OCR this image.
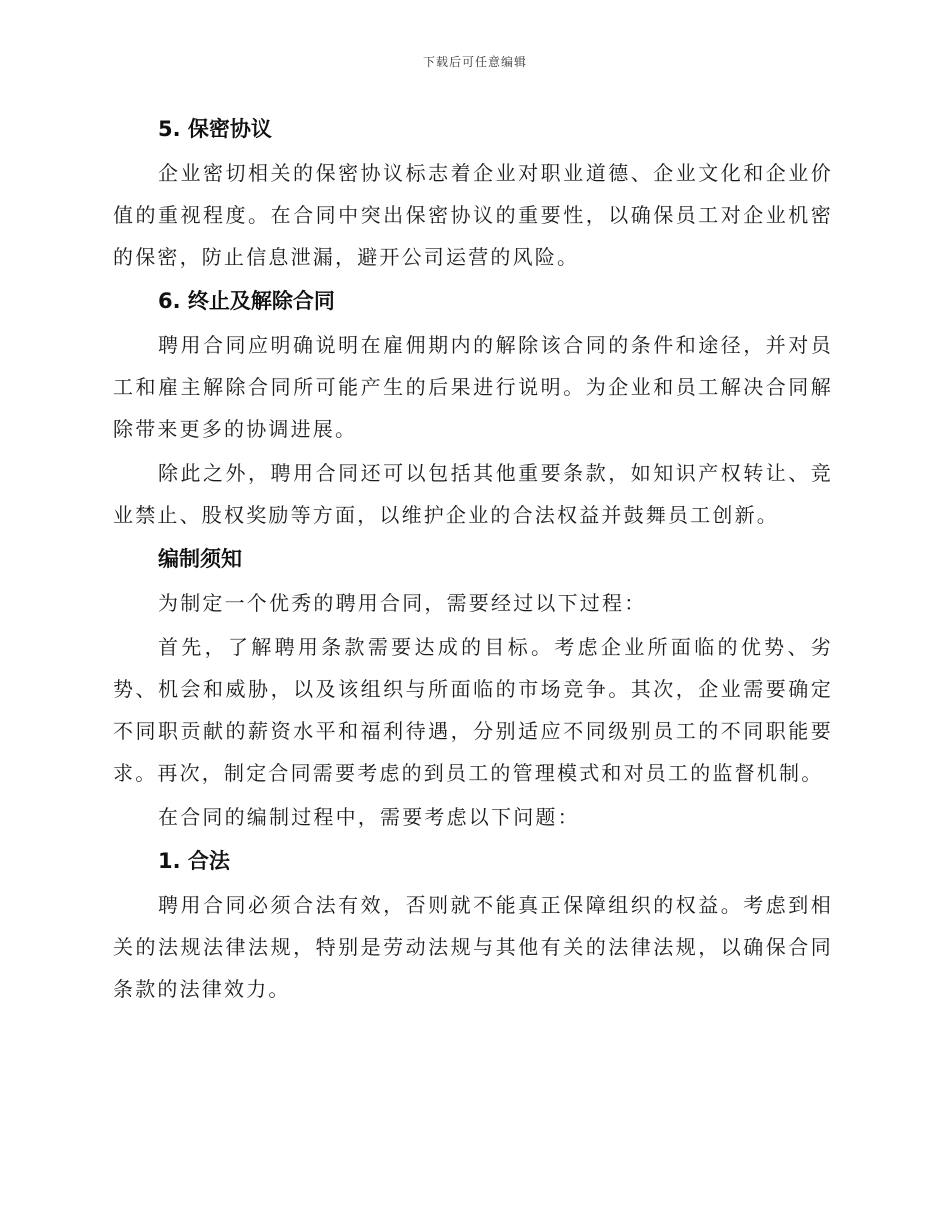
下载后可任意编辑
5. 保密协议

企业密切相关的保密协议标志着企业对职业道德、企业文化和企业价值的重视程度。在合同中突出保密协议的重要性，以确保员工对企业机密的保密，防止信息泄漏，避开公司运营的风险。

6. 终止及解除合同

聘用合同应明确说明在雇佣期内的解除该合同的条件和途径，并对员工和雇主解除合同所可能产生的后果进行说明。为企业和员工解决合同解除带来更多的协调进展。

除此之外，聘用合同还可以包括其他重要条款，如知识产权转让、竞业禁止、股权奖励等方面，以维护企业的合法权益并鼓舞员工创新。

编制须知

为制定一个优秀的聘用合同，需要经过以下过程：

首先，了解聘用条款需要达成的目标。考虑企业所面临的优势、劣势、机会和威胁，以及该组织与所面临的市场竞争。其次，企业需要确定不同职贡献的薪资水平和福利待遇，分别适应不同级别员工的不同职能要求。再次，制定合同需要考虑的到员工的管理模式和对员工的监督机制。

在合同的编制过程中，需要考虑以下问题：

1. 合法

聘用合同必须合法有效，否则就不能真正保障组织的权益。考虑到相关的法规法律法规，特别是劳动法规与其他有关的法律法规，以确保合同条款的法律效力。
